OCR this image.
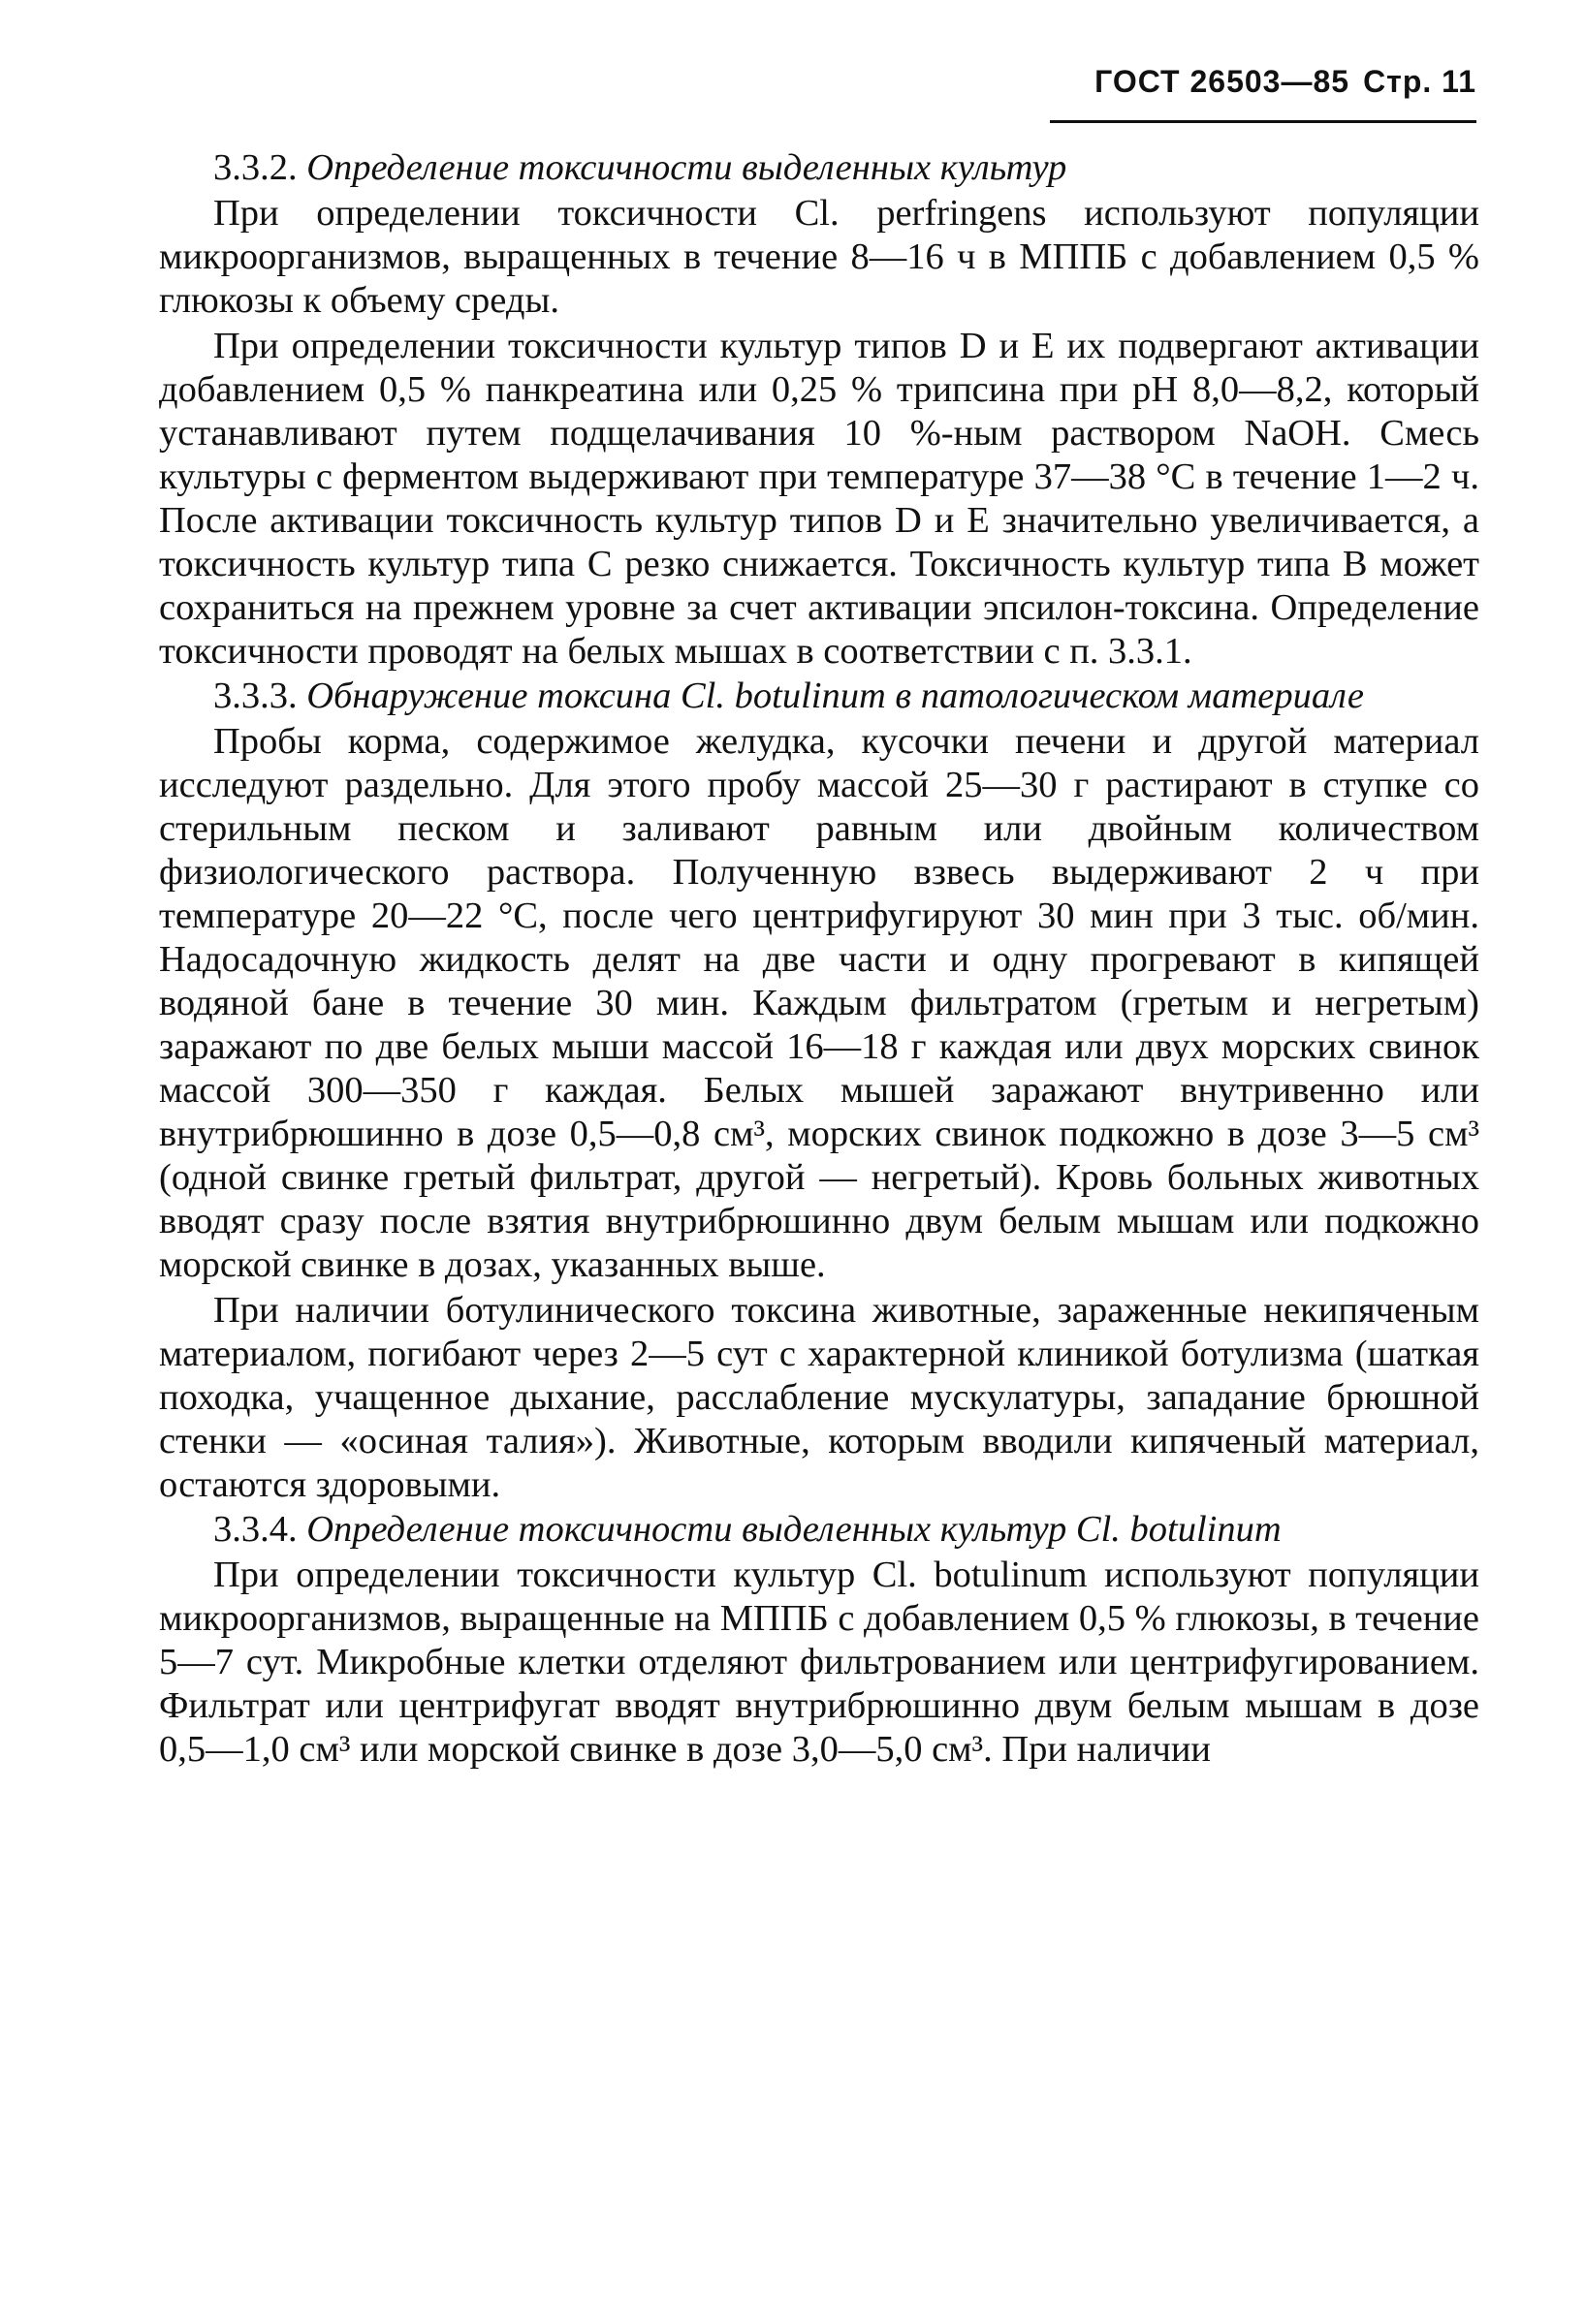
ГОСТ 26503—85 Стр. 11

3.3.2. Определение токсичности выделенных культур

При определении токсичности Cl. perfringens используют популяции микроорганизмов, выращенных в течение 8—16 ч в МППБ с добавлением 0,5 % глюкозы к объему среды.

При определении токсичности культур типов D и E их подвергают активации добавлением 0,5 % панкреатина или 0,25 % трипсина при pH 8,0—8,2, который устанавливают путем подщелачивания 10 %-ным раствором NaOH. Смесь культуры с ферментом выдерживают при температуре 37—38 °С в течение 1—2 ч. После активации токсичность культур типов D и E значительно увеличивается, а токсичность культур типа С резко снижается. Токсичность культур типа В может сохраниться на прежнем уровне за счет активации эпсилон-токсина. Определение токсичности проводят на белых мышах в соответствии с п. 3.3.1.

3.3.3. Обнаружение токсина Cl. botulinum в патологическом материале

Пробы корма, содержимое желудка, кусочки печени и другой материал исследуют раздельно. Для этого пробу массой 25—30 г растирают в ступке со стерильным песком и заливают равным или двойным количеством физиологического раствора. Полученную взвесь выдерживают 2 ч при температуре 20—22 °С, после чего центрифугируют 30 мин при 3 тыс. об/мин. Надосадочную жидкость делят на две части и одну прогревают в кипящей водяной бане в течение 30 мин. Каждым фильтратом (гретым и негретым) заражают по две белых мыши массой 16—18 г каждая или двух морских свинок массой 300—350 г каждая. Белых мышей заражают внутривенно или внутрибрюшинно в дозе 0,5—0,8 см³, морских свинок подкожно в дозе 3—5 см³ (одной свинке гретый фильтрат, другой — негретый). Кровь больных животных вводят сразу после взятия внутрибрюшинно двум белым мышам или подкожно морской свинке в дозах, указанных выше.

При наличии ботулинического токсина животные, зараженные некипяченым материалом, погибают через 2—5 сут с характерной клиникой ботулизма (шаткая походка, учащенное дыхание, расслабление мускулатуры, западание брюшной стенки — «осиная талия»). Животные, которым вводили кипяченый материал, остаются здоровыми.

3.3.4. Определение токсичности выделенных культур Cl. botulinum

При определении токсичности культур Cl. botulinum используют популяции микроорганизмов, выращенные на МППБ с добавлением 0,5 % глюкозы, в течение 5—7 сут. Микробные клетки отделяют фильтрованием или центрифугированием. Фильтрат или центрифугат вводят внутрибрюшинно двум белым мышам в дозе 0,5—1,0 см³ или морской свинке в дозе 3,0—5,0 см³. При наличии
